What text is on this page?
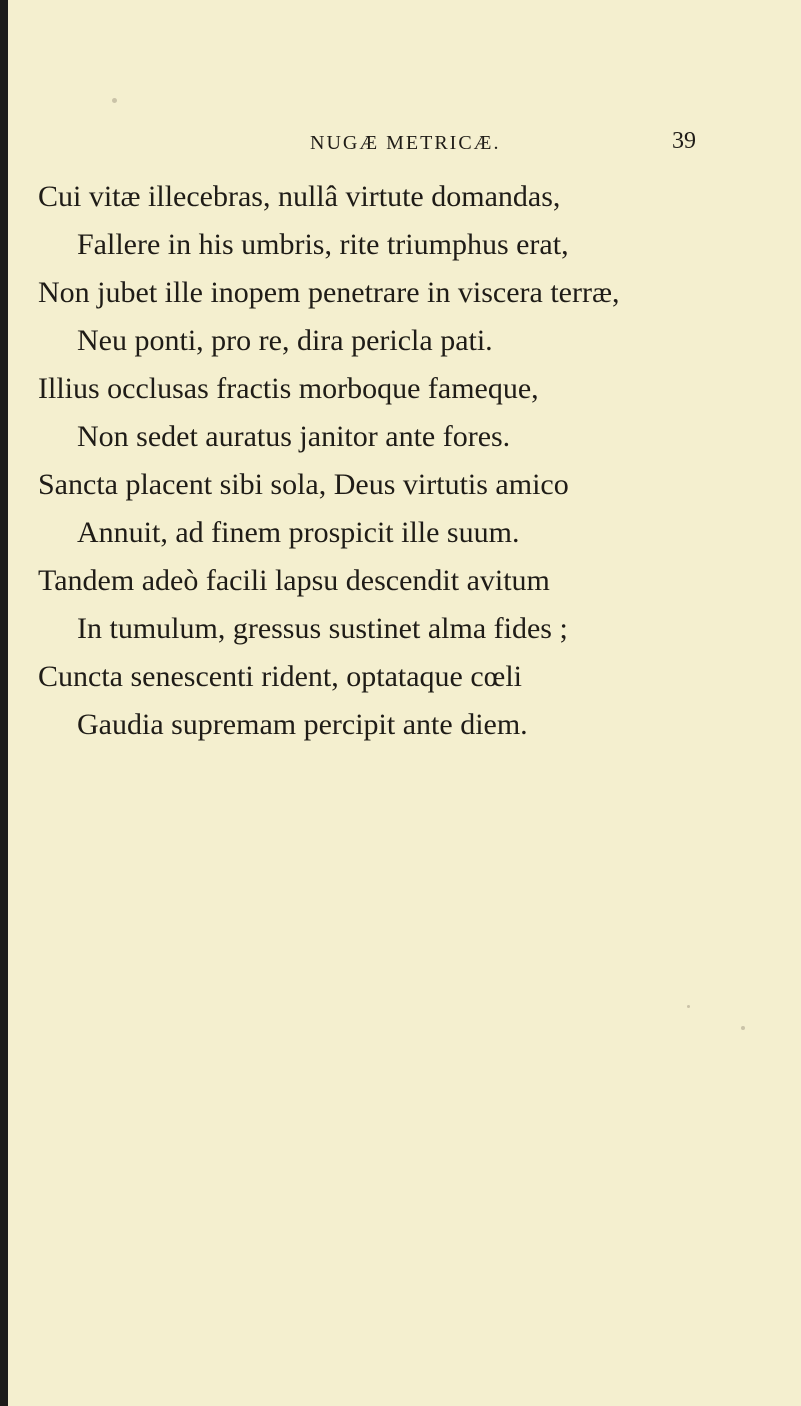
NUGÆ METRICÆ.	39
Cui vitæ illecebras, nullâ virtute domandas,
Fallere in his umbris, rite triumphus erat,
Non jubet ille inopem penetrare in viscera terræ,
Neu ponti, pro re, dira pericla pati.
Illius occlusas fractis morboque fameque,
Non sedet auratus janitor ante fores.
Sancta placent sibi sola, Deus virtutis amico
Annuit, ad finem prospicit ille suum.
Tandem adeò facili lapsu descendit avitum
In tumulum, gressus sustinet alma fides ;
Cuncta senescenti rident, optataque cœli
Gaudia supremam percipit ante diem.
